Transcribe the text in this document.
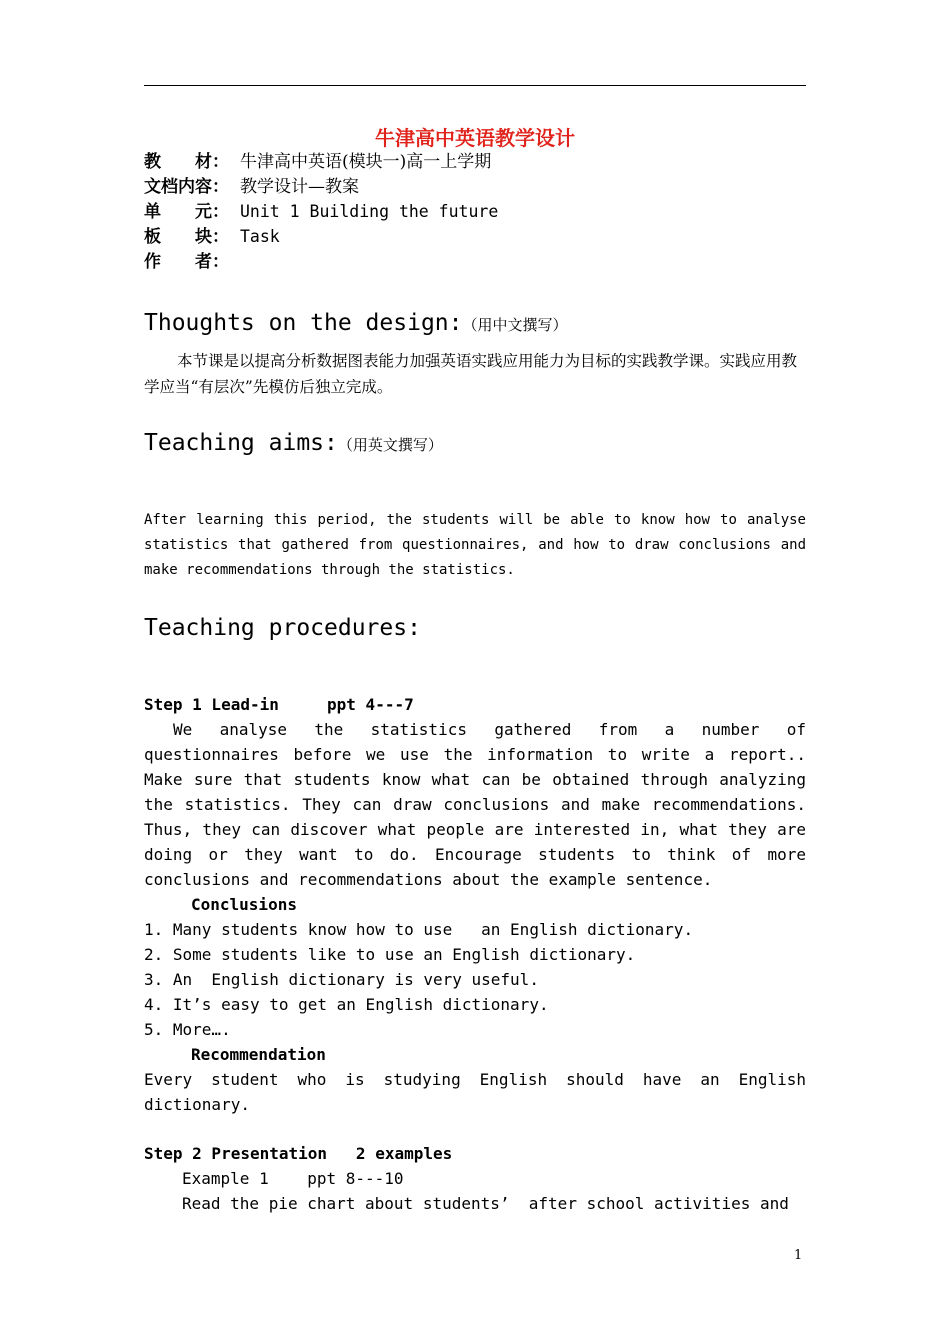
牛津高中英语教学设计
教　　材： 牛津高中英语(模块一)高一上学期
文档内容： 教学设计—教案
单　　元： Unit 1 Building the future
板　　块： Task
作　　者：
Thoughts on the design:（用中文撰写）
本节课是以提高分析数据图表能力加强英语实践应用能力为目标的实践教学课。实践应用教学应当“有层次”先模仿后独立完成。
Teaching aims:（用英文撰写）
After learning this period, the students will be able to know how to analyse statistics that gathered from questionnaires, and how to draw conclusions and make recommendations through the statistics.
Teaching procedures:
Step 1 Lead-in     ppt 4---7
We analyse the statistics gathered from a number of questionnaires before we use the information to write a report.. Make sure that students know what can be obtained through analyzing the statistics. They can draw conclusions and make recommendations. Thus, they can discover what people are interested in, what they are doing or they want to do. Encourage students to think of more conclusions and recommendations about the example sentence.
Conclusions
1. Many students know how to use   an English dictionary.
2. Some students like to use an English dictionary.
3. An  English dictionary is very useful.
4. It’s easy to get an English dictionary.
5. More….
Recommendation
Every student who is studying English should have an English dictionary.
Step 2 Presentation   2 examples
Example 1    ppt 8---10
Read the pie chart about students’  after school activities and
1
